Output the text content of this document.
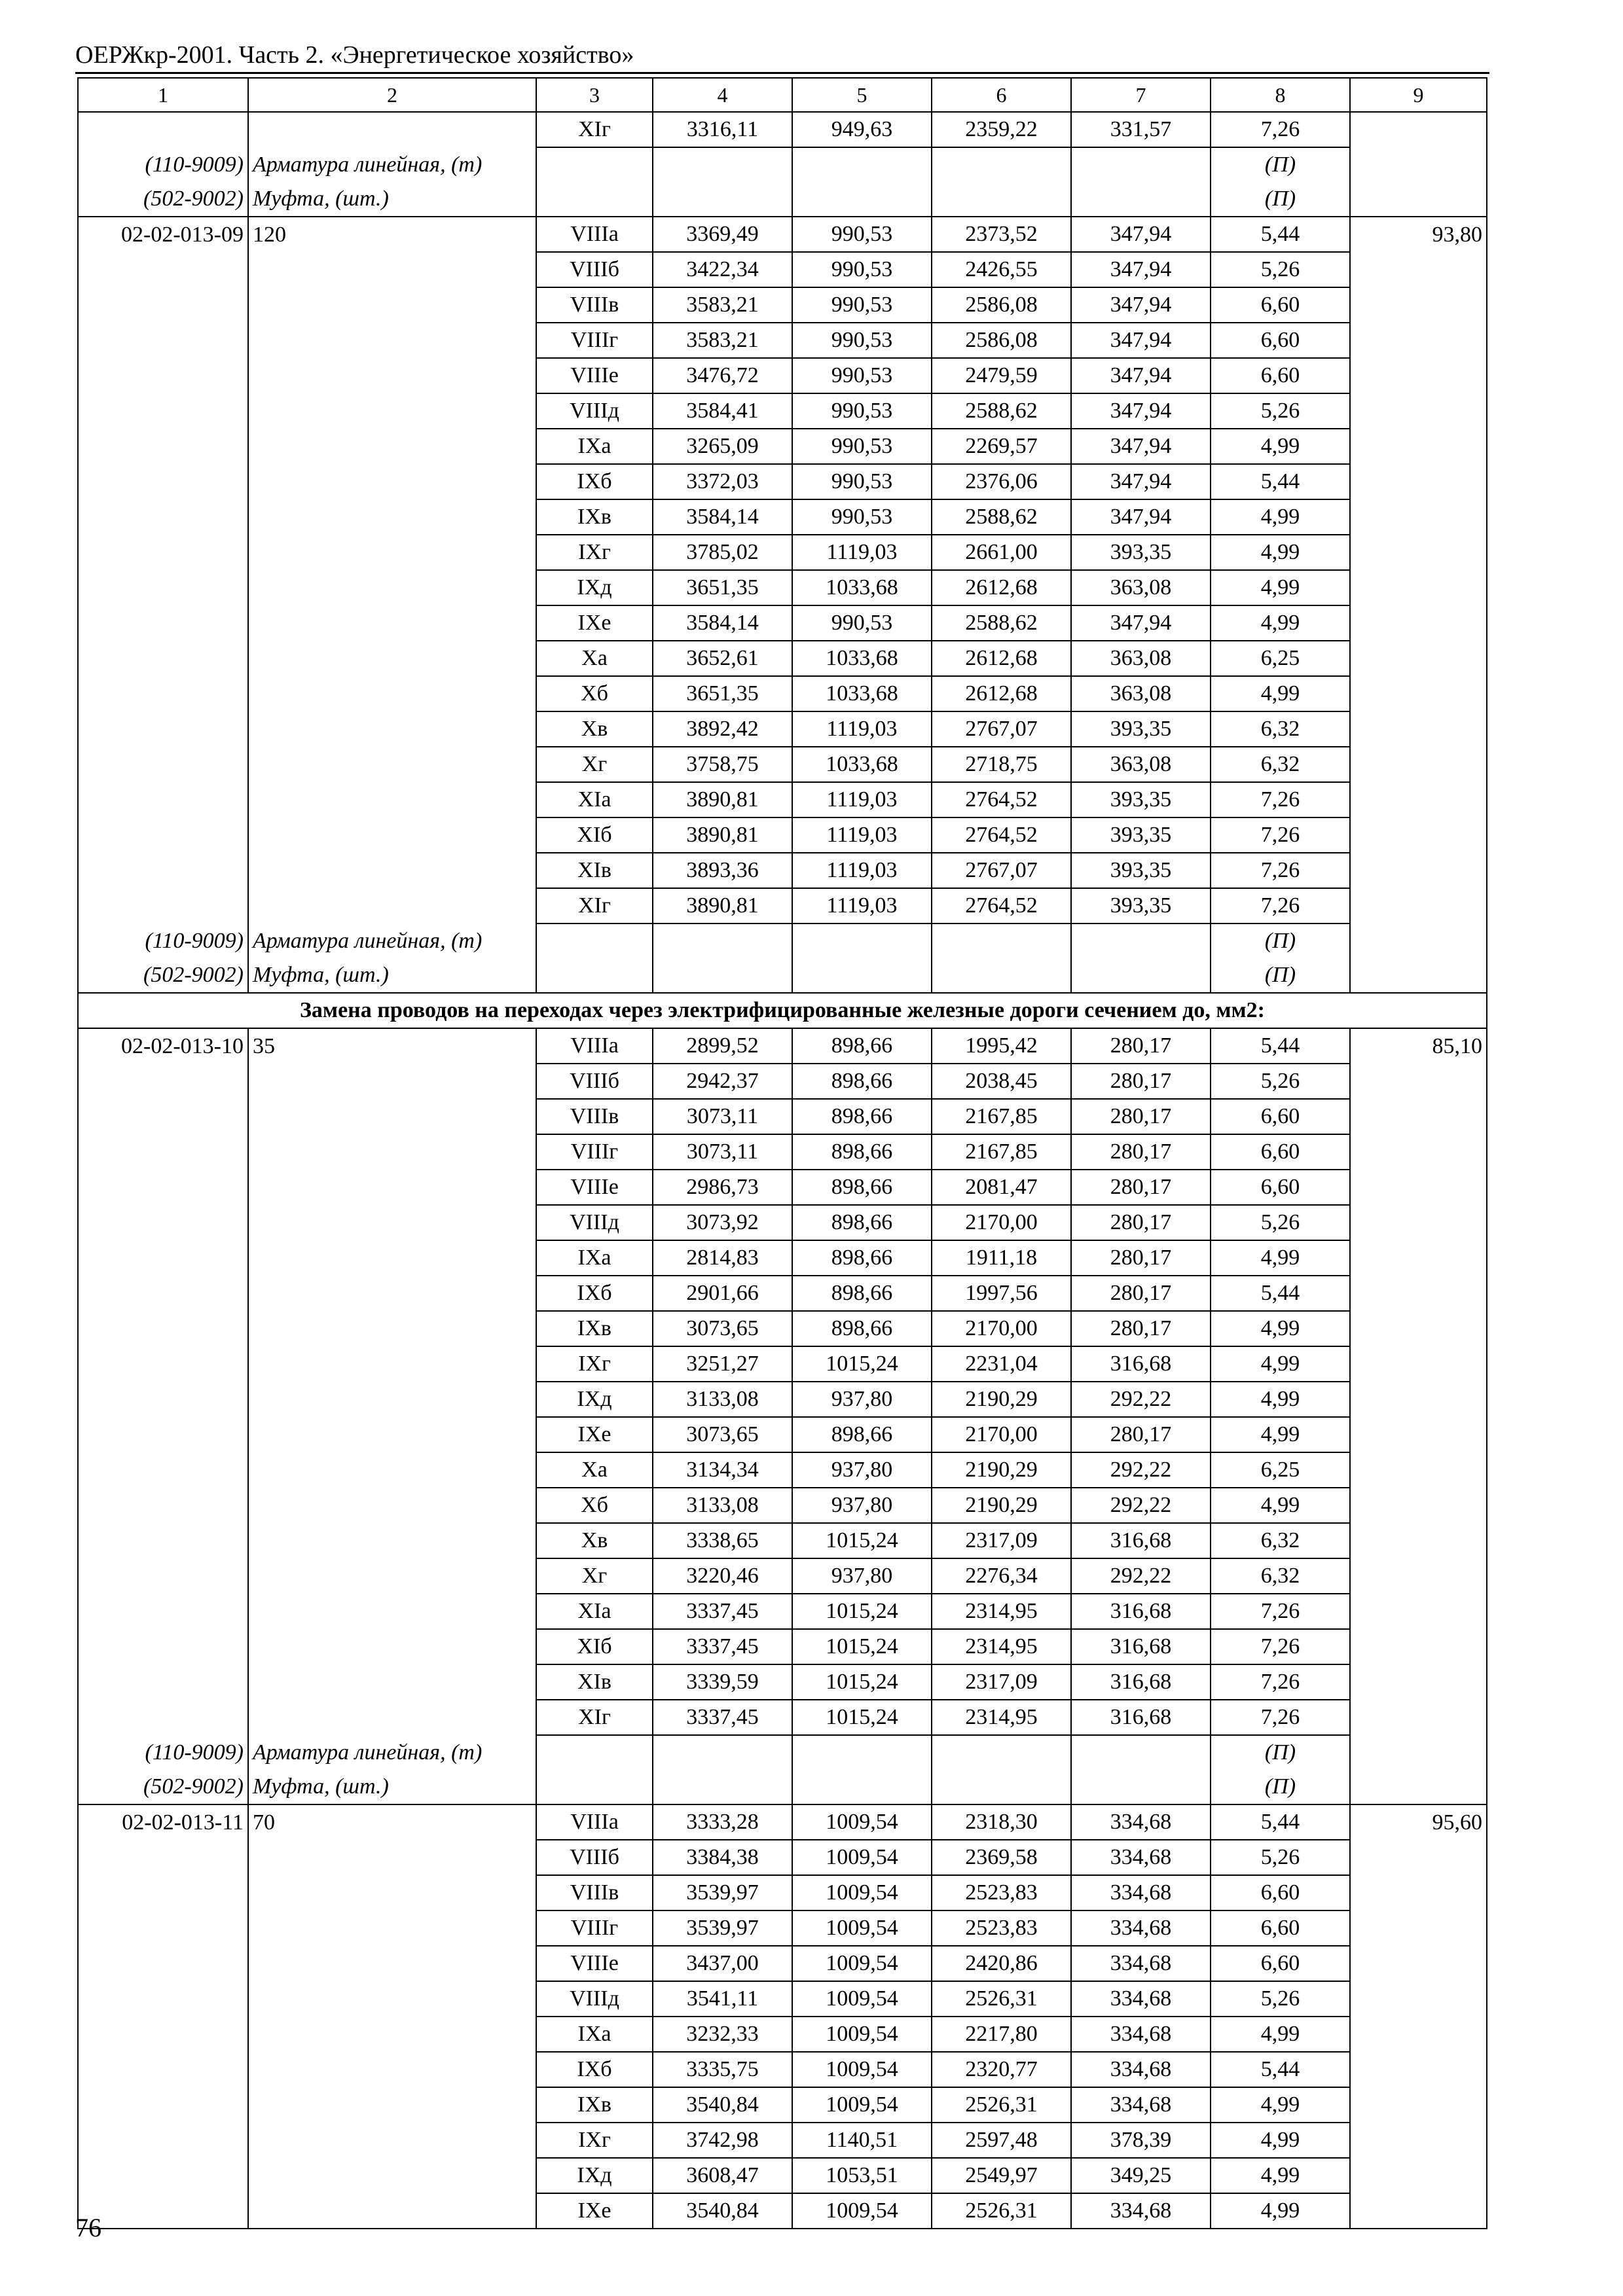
ОЕРЖкр-2001. Часть 2. «Энергетическое хозяйство»
1	2	3	4	5	6	7	8	9
		XIг	3316,11	949,63	2359,22	331,57	7,26	
(110-9009)	Арматура линейная, (т)						(П)	
(502-9002)	Муфта, (шт.)						(П)	
02-02-013-09	120	VIIIа	3369,49	990,53	2373,52	347,94	5,44	93,80
		VIIIб	3422,34	990,53	2426,55	347,94	5,26	
		VIIIв	3583,21	990,53	2586,08	347,94	6,60	
		VIIIг	3583,21	990,53	2586,08	347,94	6,60	
		VIIIе	3476,72	990,53	2479,59	347,94	6,60	
		VIIIд	3584,41	990,53	2588,62	347,94	5,26	
		IXа	3265,09	990,53	2269,57	347,94	4,99	
		IXб	3372,03	990,53	2376,06	347,94	5,44	
		IXв	3584,14	990,53	2588,62	347,94	4,99	
		IXг	3785,02	1119,03	2661,00	393,35	4,99	
		IXд	3651,35	1033,68	2612,68	363,08	4,99	
		IXе	3584,14	990,53	2588,62	347,94	4,99	
		Xа	3652,61	1033,68	2612,68	363,08	6,25	
		Xб	3651,35	1033,68	2612,68	363,08	4,99	
		Xв	3892,42	1119,03	2767,07	393,35	6,32	
		Xг	3758,75	1033,68	2718,75	363,08	6,32	
		XIа	3890,81	1119,03	2764,52	393,35	7,26	
		XIб	3890,81	1119,03	2764,52	393,35	7,26	
		XIв	3893,36	1119,03	2767,07	393,35	7,26	
		XIг	3890,81	1119,03	2764,52	393,35	7,26	
(110-9009)	Арматура линейная, (т)						(П)	
(502-9002)	Муфта, (шт.)						(П)	
Замена проводов на переходах через электрифицированные железные дороги сечением до, мм2:								
02-02-013-10	35	VIIIа	2899,52	898,66	1995,42	280,17	5,44	85,10
		VIIIб	2942,37	898,66	2038,45	280,17	5,26	
		VIIIв	3073,11	898,66	2167,85	280,17	6,60	
		VIIIг	3073,11	898,66	2167,85	280,17	6,60	
		VIIIе	2986,73	898,66	2081,47	280,17	6,60	
		VIIIд	3073,92	898,66	2170,00	280,17	5,26	
		IXа	2814,83	898,66	1911,18	280,17	4,99	
		IXб	2901,66	898,66	1997,56	280,17	5,44	
		IXв	3073,65	898,66	2170,00	280,17	4,99	
		IXг	3251,27	1015,24	2231,04	316,68	4,99	
		IXд	3133,08	937,80	2190,29	292,22	4,99	
		IXе	3073,65	898,66	2170,00	280,17	4,99	
		Xа	3134,34	937,80	2190,29	292,22	6,25	
		Xб	3133,08	937,80	2190,29	292,22	4,99	
		Xв	3338,65	1015,24	2317,09	316,68	6,32	
		Xг	3220,46	937,80	2276,34	292,22	6,32	
		XIа	3337,45	1015,24	2314,95	316,68	7,26	
		XIб	3337,45	1015,24	2314,95	316,68	7,26	
		XIв	3339,59	1015,24	2317,09	316,68	7,26	
		XIг	3337,45	1015,24	2314,95	316,68	7,26	
(110-9009)	Арматура линейная, (т)						(П)	
(502-9002)	Муфта, (шт.)						(П)	
02-02-013-11	70	VIIIа	3333,28	1009,54	2318,30	334,68	5,44	95,60
		VIIIб	3384,38	1009,54	2369,58	334,68	5,26	
		VIIIв	3539,97	1009,54	2523,83	334,68	6,60	
		VIIIг	3539,97	1009,54	2523,83	334,68	6,60	
		VIIIе	3437,00	1009,54	2420,86	334,68	6,60	
		VIIIд	3541,11	1009,54	2526,31	334,68	5,26	
		IXа	3232,33	1009,54	2217,80	334,68	4,99	
		IXб	3335,75	1009,54	2320,77	334,68	5,44	
		IXв	3540,84	1009,54	2526,31	334,68	4,99	
		IXг	3742,98	1140,51	2597,48	378,39	4,99	
		IXд	3608,47	1053,51	2549,97	349,25	4,99	
		IXе	3540,84	1009,54	2526,31	334,68	4,99	
76
